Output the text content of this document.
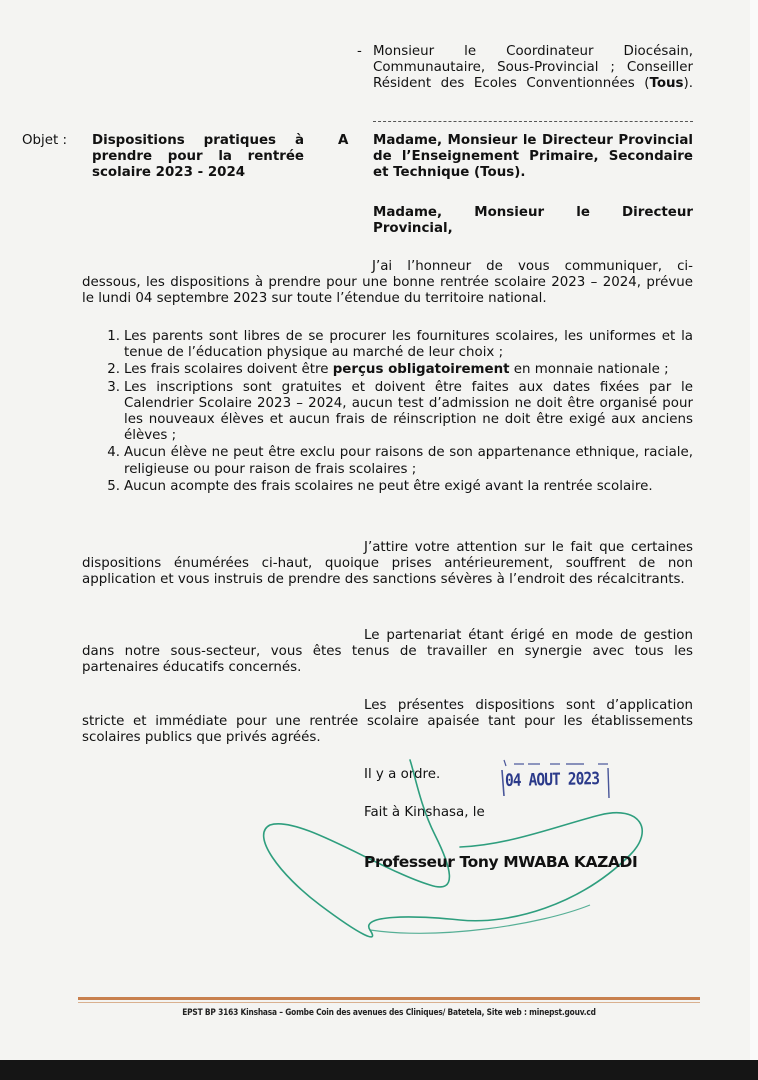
- Monsieur le Coordinateur Diocésain, Communautaire, Sous-Provincial ; Conseiller Résident des Ecoles Conventionnées (Tous).
Objet : Dispositions pratiques à prendre pour la rentrée scolaire 2023 - 2024
A Madame, Monsieur le Directeur Provincial de l’Enseignement Primaire, Secondaire et Technique (Tous).
Madame, Monsieur le Directeur Provincial,
J’ai l’honneur de vous communiquer, ci-dessous, les dispositions à prendre pour une bonne rentrée scolaire 2023 – 2024, prévue le lundi 04 septembre 2023 sur toute l’étendue du territoire national.
1. Les parents sont libres de se procurer les fournitures scolaires, les uniformes et la tenue de l’éducation physique au marché de leur choix ;
2. Les frais scolaires doivent être perçus obligatoirement en monnaie nationale ;
3. Les inscriptions sont gratuites et doivent être faites aux dates fixées par le Calendrier Scolaire 2023 – 2024, aucun test d’admission ne doit être organisé pour les nouveaux élèves et aucun frais de réinscription ne doit être exigé aux anciens élèves ;
4. Aucun élève ne peut être exclu pour raisons de son appartenance ethnique, raciale, religieuse ou pour raison de frais scolaires ;
5. Aucun acompte des frais scolaires ne peut être exigé avant la rentrée scolaire.
J’attire votre attention sur le fait que certaines dispositions énumérées ci-haut, quoique prises antérieurement, souffrent de non application et vous instruis de prendre des sanctions sévères à l’endroit des récalcitrants.
Le partenariat étant érigé en mode de gestion dans notre sous-secteur, vous êtes tenus de travailler en synergie avec tous les partenaires éducatifs concernés.
Les présentes dispositions sont d’application stricte et immédiate pour une rentrée scolaire apaisée tant pour les établissements scolaires publics que privés agréés.
Il y a ordre.
Fait à Kinshasa, le
04 AOUT 2023
Professeur Tony MWABA KAZADI
EPST BP 3163 Kinshasa – Gombe Coin des avenues des Cliniques/ Batetela, Site web : minepst.gouv.cd
